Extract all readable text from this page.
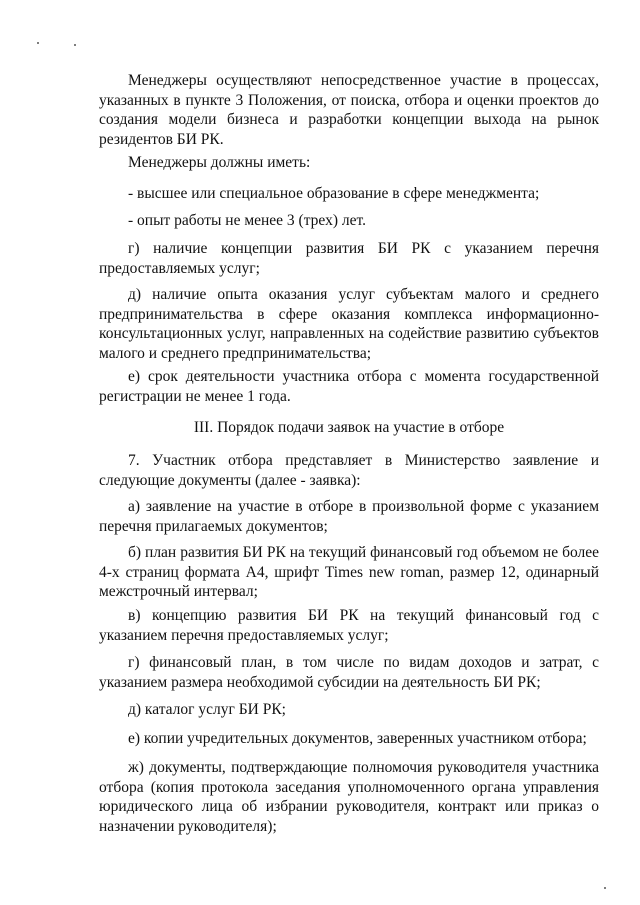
Менеджеры осуществляют непосредственное участие в процессах, указанных в пункте 3 Положения, от поиска, отбора и оценки проектов до создания модели бизнеса и разработки концепции выхода на рынок резидентов БИ РК.

Менеджеры должны иметь:

- высшее или специальное образование в сфере менеджмента;

- опыт работы не менее 3 (трех) лет.

г) наличие концепции развития БИ РК с указанием перечня предоставляемых услуг;

д) наличие опыта оказания услуг субъектам малого и среднего предпринимательства в сфере оказания комплекса информационно-консультационных услуг, направленных на содействие развитию субъектов малого и среднего предпринимательства;

е) срок деятельности участника отбора с момента государственной регистрации не менее 1 года.

III. Порядок подачи заявок на участие в отборе

7. Участник отбора представляет в Министерство заявление и следующие документы (далее - заявка):

а) заявление на участие в отборе в произвольной форме с указанием перечня прилагаемых документов;

б) план развития БИ РК на текущий финансовый год объемом не более 4-х страниц формата А4, шрифт Times new roman, размер 12, одинарный межстрочный интервал;

в) концепцию развития БИ РК на текущий финансовый год с указанием перечня предоставляемых услуг;

г) финансовый план, в том числе по видам доходов и затрат, с указанием размера необходимой субсидии на деятельность БИ РК;

д) каталог услуг БИ РК;

е) копии учредительных документов, заверенных участником отбора;

ж) документы, подтверждающие полномочия руководителя участника отбора (копия протокола заседания уполномоченного органа управления юридического лица об избрании руководителя, контракт или приказ о назначении руководителя);
